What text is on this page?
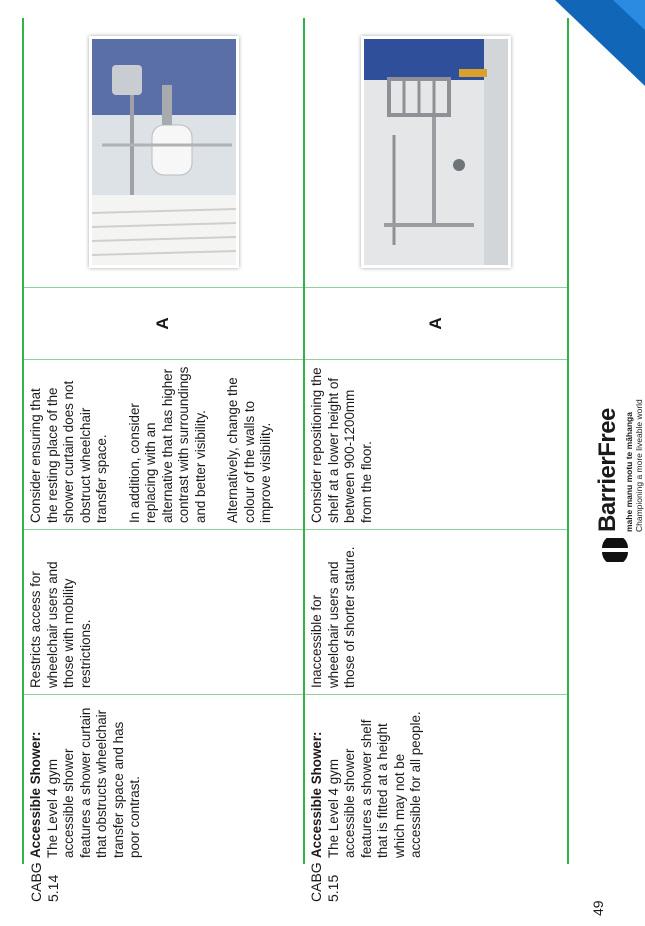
49
CABG
5.14	CABG
5.15
Accessible Shower: The Level 4 gym accessible shower features a shower curtain that obstructs wheelchair transfer space and has poor contrast.
Restricts access for wheelchair users and those with mobility restrictions.
Consider ensuring that the resting place of the shower curtain does not obstruct wheelchair transfer space. In addition, consider replacing with an alternative that has higher contrast with surroundings and better visibility. Alternatively, change the colour of the walls to improve visibility.
A
Accessible Shower: The Level 4 gym accessible shower features a shower shelf that is fitted at a height which may not be accessible for all people.
Inaccessible for wheelchair users and those of shorter stature.
Consider repositioning the shelf at a lower height of between 900-1200mm from the floor.
A
BarrierFree mahe manu motu te māhanga Championing a more liveable world
